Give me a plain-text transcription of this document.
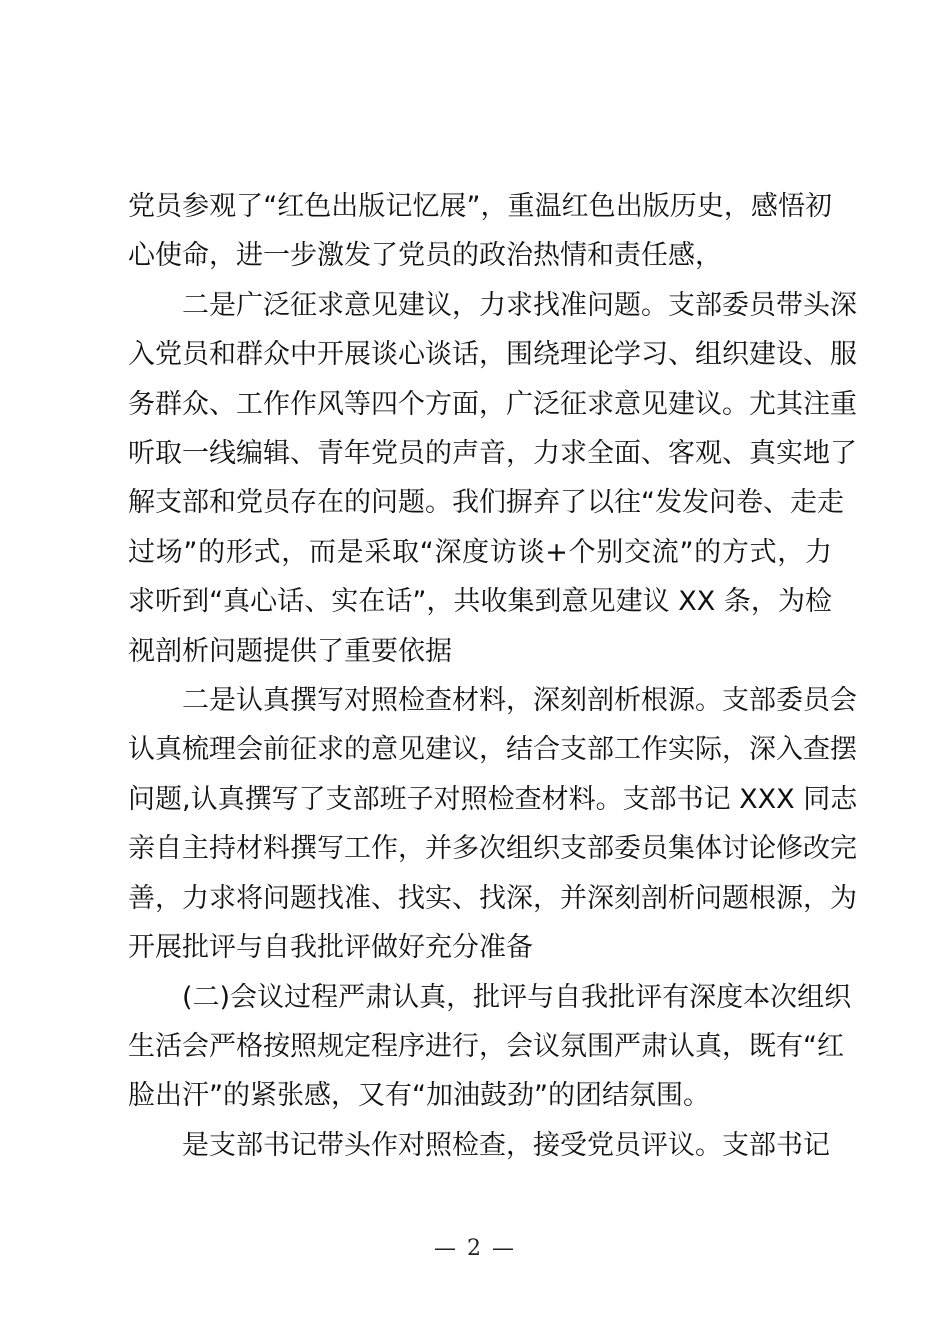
党员参观了“红色出版记忆展”，重温红色出版历史，感悟初
心使命，进一步激发了党员的政治热情和责任感，
二是广泛征求意见建议，力求找准问题。支部委员带头深
入党员和群众中开展谈心谈话，围绕理论学习、组织建设、服
务群众、工作作风等四个方面，广泛征求意见建议。尤其注重
听取一线编辑、青年党员的声音，力求全面、客观、真实地了
解支部和党员存在的问题。我们摒弃了以往“发发问卷、走走
过场”的形式，而是采取“深度访谈+个别交流”的方式，力
求听到“真心话、实在话”，共收集到意见建议 XX 条，为检
视剖析问题提供了重要依据
二是认真撰写对照检查材料，深刻剖析根源。支部委员会
认真梳理会前征求的意见建议，结合支部工作实际，深入查摆
问题,认真撰写了支部班子对照检查材料。支部书记 XXX 同志
亲自主持材料撰写工作，并多次组织支部委员集体讨论修改完
善，力求将问题找准、找实、找深，并深刻剖析问题根源，为
开展批评与自我批评做好充分准备
(二)会议过程严肃认真，批评与自我批评有深度本次组织
生活会严格按照规定程序进行，会议氛围严肃认真，既有“红
脸出汗”的紧张感，又有“加油鼓劲”的团结氛围。
是支部书记带头作对照检查，接受党员评议。支部书记
— 2 —
